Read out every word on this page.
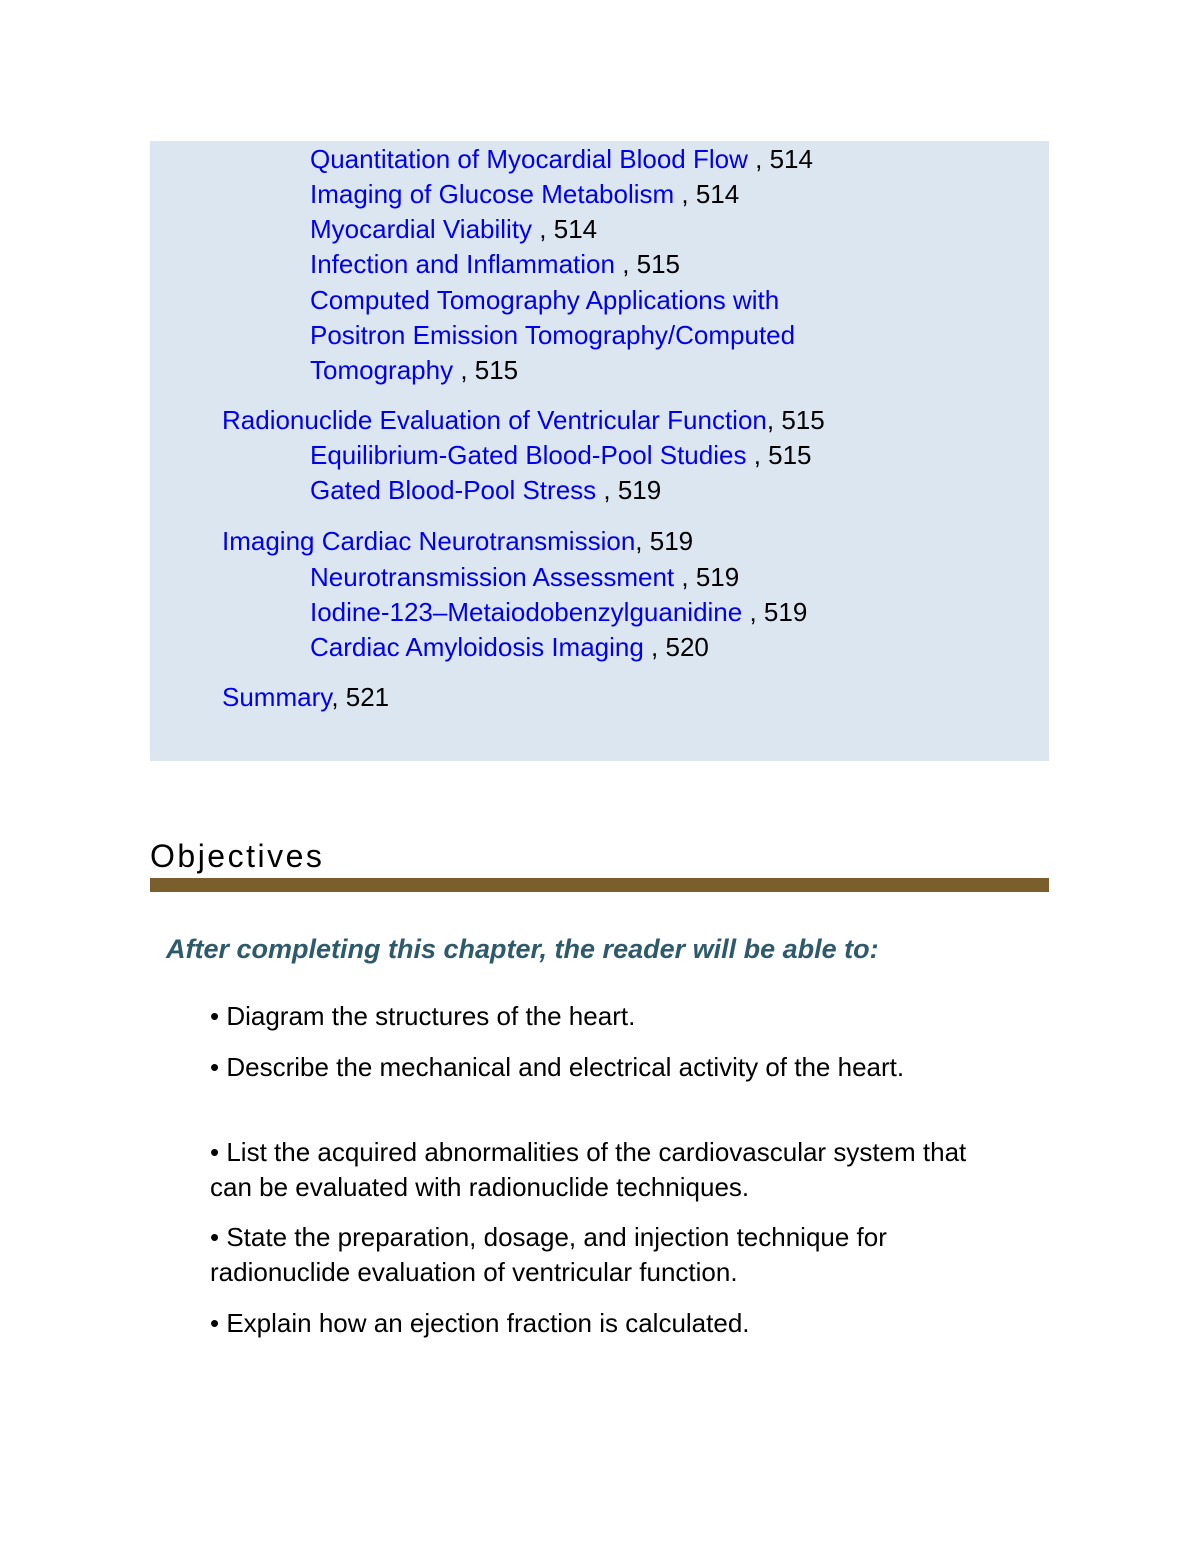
Quantitation of Myocardial Blood Flow , 514
Imaging of Glucose Metabolism , 514
Myocardial Viability , 514
Infection and Inflammation , 515
Computed Tomography Applications with
Positron Emission Tomography/Computed
Tomography , 515
Radionuclide Evaluation of Ventricular Function, 515
Equilibrium-Gated Blood-Pool Studies , 515
Gated Blood-Pool Stress , 519
Imaging Cardiac Neurotransmission, 519
Neurotransmission Assessment , 519
Iodine-123–Metaiodobenzylguanidine , 519
Cardiac Amyloidosis Imaging , 520
Summary, 521
Objectives
After completing this chapter, the reader will be able to:
• Diagram the structures of the heart.
• Describe the mechanical and electrical activity of the heart.
• List the acquired abnormalities of the cardiovascular system that can be evaluated with radionuclide techniques.
• State the preparation, dosage, and injection technique for radionuclide evaluation of ventricular function.
• Explain how an ejection fraction is calculated.
